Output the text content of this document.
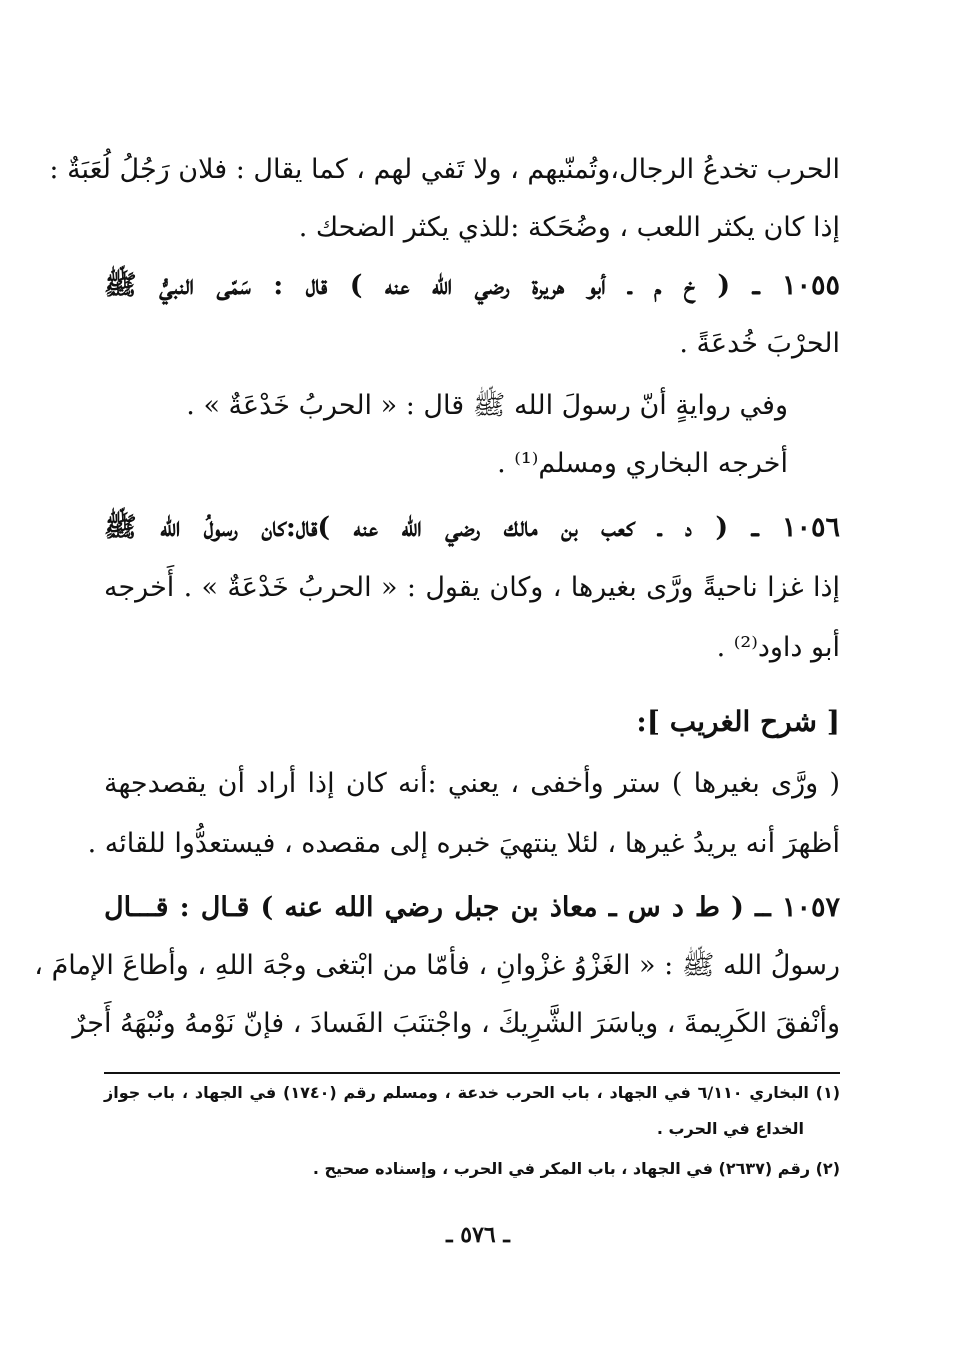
الحرب تخدعُ الرجال،وتُمنّيهم ، ولا تَفي لهم ، كما يقال : فلان رَجُلُ لُعَبَةٌ :
إذا كان يكثر اللعب ، وضُحَكة :للذي يكثر الضحك .
١٠٥٥ ــ ( خ م ـ أبو هريرة رضي الله عنه ) قال : سَمّى النبيُّ ﷺ
الحرْبَ خُدعَةً .
وفي روايةٍ أنّ رسولَ الله ﷺ قال : « الحربُ خَدْعَةٌ » .
أخرجه البخاري ومسلم⁽¹⁾ .
١٠٥٦ ــ ( د ـ كعب بن مالك رضي الله عنه )قال:كان رسولُ الله ﷺ
إذا غزا ناحيةً ورَّى بغيرها ، وكان يقول : « الحربُ خَدْعَةٌ » . أَخرجه
أبو داود⁽²⁾ .
[ شرح الغريب ]:
( ورَّى بغيرها ) ستر وأخفى ، يعني :أنه كان إذا أراد أن يقصدجهة
أظهرَ أنه يريدُ غيرها ، لئلا ينتهيَ خبره إلى مقصده ، فيستعدُّوا للقائه .
١٠٥٧ ــ ( ط د س ـ معاذ بن جبل رضي الله عنه ) قـال : قـــال
رسولُ الله ﷺ : « الغَزْوُ غزْوانِ ، فأمّا من ابْتغى وجْهَ اللهِ ، وأطاعَ الإمامَ ،
وأنْفقَ الكَرِيمةَ ، وياسَرَ الشَّرِيكَ ، واجْتنَبَ الفَسادَ ، فإنّ نَوْمهُ ونُبْهَهُ أَجرٌ
(١) البخاري ٦/١١٠ في الجهاد ، باب الحرب خدعة ، ومسلم رقم (١٧٤٠) في الجهاد ، باب جواز
الخداع في الحرب .
(٢) رقم (٢٦٣٧) في الجهاد ، باب المكر في الحرب ، وإسناده صحيح .
ـ ٥٧٦ ـ
